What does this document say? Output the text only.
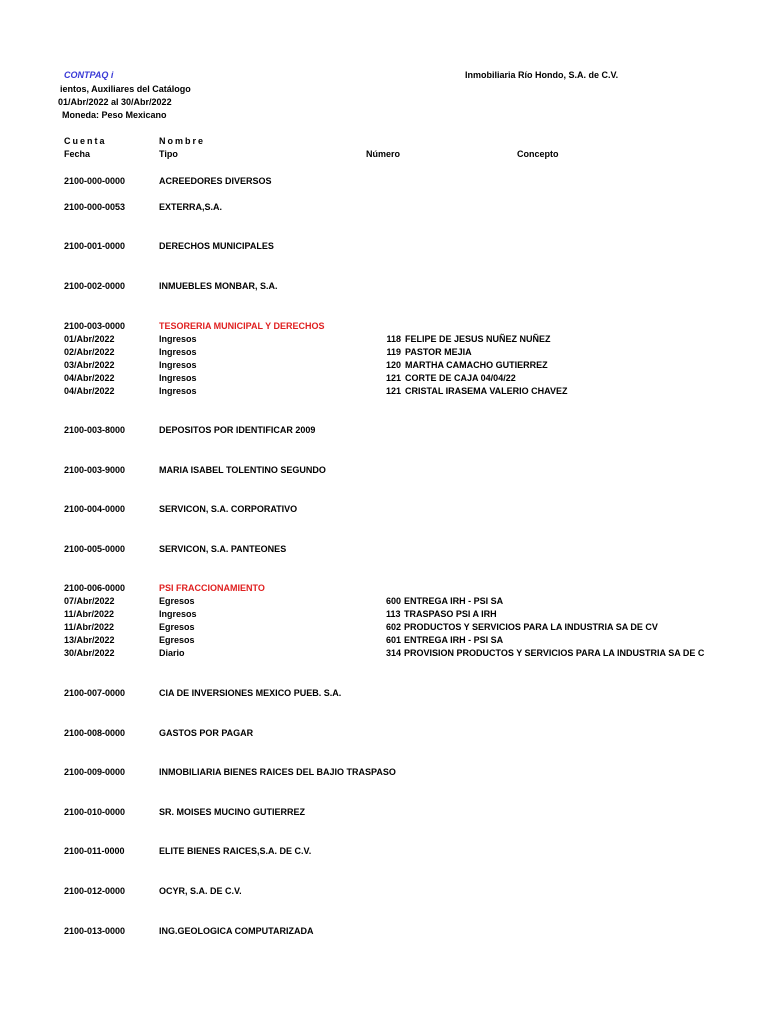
CONTPAQ i	Inmobiliaria Río Hondo, S.A. de C.V.
ientos, Auxiliares del Catálogo
01/Abr/2022 al 30/Abr/2022
Moneda: Peso Mexicano
Cuenta	Nombre
Fecha	Tipo	Número	Concepto
2100-000-0000	ACREEDORES DIVERSOS
2100-000-0053	EXTERRA,S.A.
2100-001-0000	DERECHOS MUNICIPALES
2100-002-0000	INMUEBLES MONBAR, S.A.
2100-003-0000	TESORERIA MUNICIPAL Y DERECHOS
01/Abr/2022	Ingresos	118 FELIPE DE JESUS NUÑEZ NUÑEZ
02/Abr/2022	Ingresos	119 PASTOR MEJIA
03/Abr/2022	Ingresos	120 MARTHA CAMACHO GUTIERREZ
04/Abr/2022	Ingresos	121 CORTE DE CAJA 04/04/22
04/Abr/2022	Ingresos	121 CRISTAL IRASEMA VALERIO CHAVEZ
2100-003-8000	DEPOSITOS POR IDENTIFICAR 2009
2100-003-9000	MARIA ISABEL TOLENTINO SEGUNDO
2100-004-0000	SERVICON, S.A. CORPORATIVO
2100-005-0000	SERVICON, S.A. PANTEONES
2100-006-0000	PSI FRACCIONAMIENTO
07/Abr/2022	Egresos	600 ENTREGA IRH - PSI SA
11/Abr/2022	Ingresos	113 TRASPASO PSI A IRH
11/Abr/2022	Egresos	602 PRODUCTOS Y SERVICIOS PARA LA INDUSTRIA SA DE CV
13/Abr/2022	Egresos	601 ENTREGA IRH - PSI SA
30/Abr/2022	Diario	314 PROVISION PRODUCTOS Y SERVICIOS PARA LA INDUSTRIA SA DE C
2100-007-0000	CIA DE INVERSIONES MEXICO PUEB. S.A.
2100-008-0000	GASTOS POR PAGAR
2100-009-0000	INMOBILIARIA BIENES RAICES DEL BAJIO TRASPASO
2100-010-0000	SR. MOISES MUCINO GUTIERREZ
2100-011-0000	ELITE BIENES RAICES,S.A. DE C.V.
2100-012-0000	OCYR, S.A. DE C.V.
2100-013-0000	ING.GEOLOGICA COMPUTARIZADA
